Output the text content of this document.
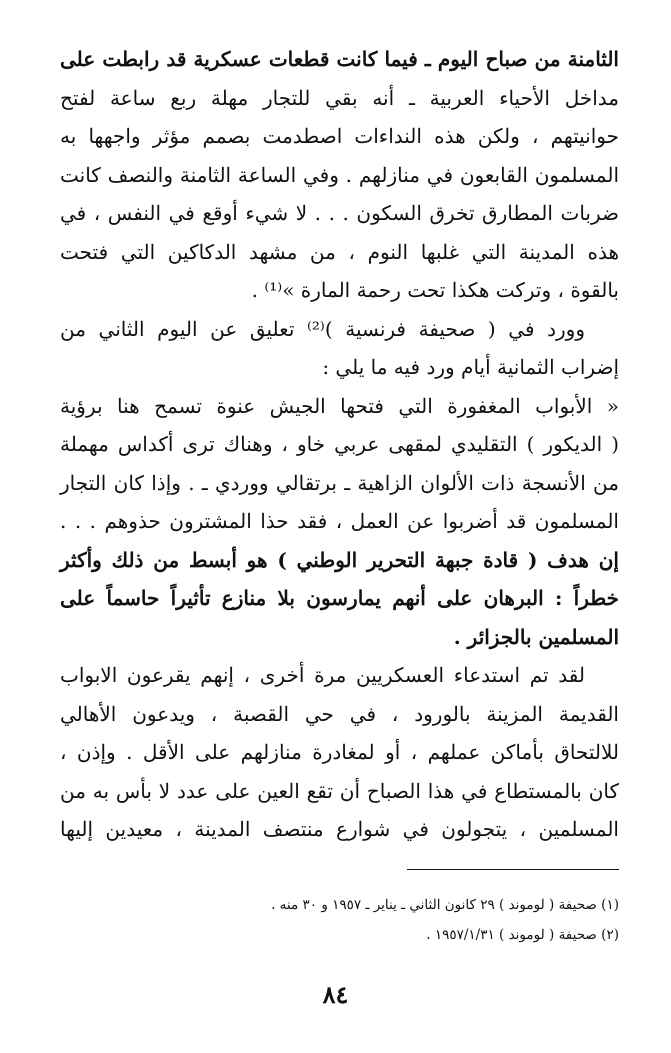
الثامنة من صباح اليوم ـ فيما كانت قطعات عسكرية قد رابطت على
مداخل الأحياء العربية ـ أنه بقي للتجار مهلة ربع ساعة لفتح
حوانيتهم ، ولكن هذه النداءات اصطدمت بصمم مؤثر واجهها به
المسلمون القابعون في منازلهم . وفي الساعة الثامنة والنصف كانت
ضربات المطارق تخرق السكون . . . لا شيء أوقع في النفس ، في
هذه المدينة التي غلبها النوم ، من مشهد الدكاكين التي فتحت
بالقوة ، وتركت هكذا تحت رحمة المارة »⁽¹⁾ .
وورد في ( صحيفة فرنسية )⁽²⁾ تعليق عن اليوم الثاني من
إضراب الثمانية أيام ورد فيه ما يلي :
« الأبواب المغفورة التي فتحها الجيش عنوة تسمح هنا برؤية
( الديكور ) التقليدي لمقهى عربي خاو ، وهناك ترى أكداس مهملة
من الأنسجة ذات الألوان الزاهية ـ برتقالي ووردي ـ . وإذا كان التجار
المسلمون قد أضربوا عن العمل ، فقد حذا المشترون حذوهم . . .
إن هدف ( قادة جبهة التحرير الوطني ) هو أبسط من ذلك وأكثر
خطراً : البرهان على أنهم يمارسون بلا منازع تأثيراً حاسماً على
المسلمين بالجزائر .
لقد تم استدعاء العسكريين مرة أخرى ، إنهم يقرعون الابواب
القديمة المزينة بالورود ، في حي القصبة ، ويدعون الأهالي
للالتحاق بأماكن عملهم ، أو لمغادرة منازلهم على الأقل . وإذن ،
كان بالمستطاع في هذا الصباح أن تقع العين على عدد لا بأس به من
المسلمين ، يتجولون في شوارع منتصف المدينة ، معيدين إليها
(١) صحيفة ( لوموند ) ٢٩ كانون الثاني ـ يناير ـ ١٩٥٧ و ٣٠ منه .
(٢) صحيفة ( لوموند ) ١٩٥٧/١/٣١ .
٨٤
